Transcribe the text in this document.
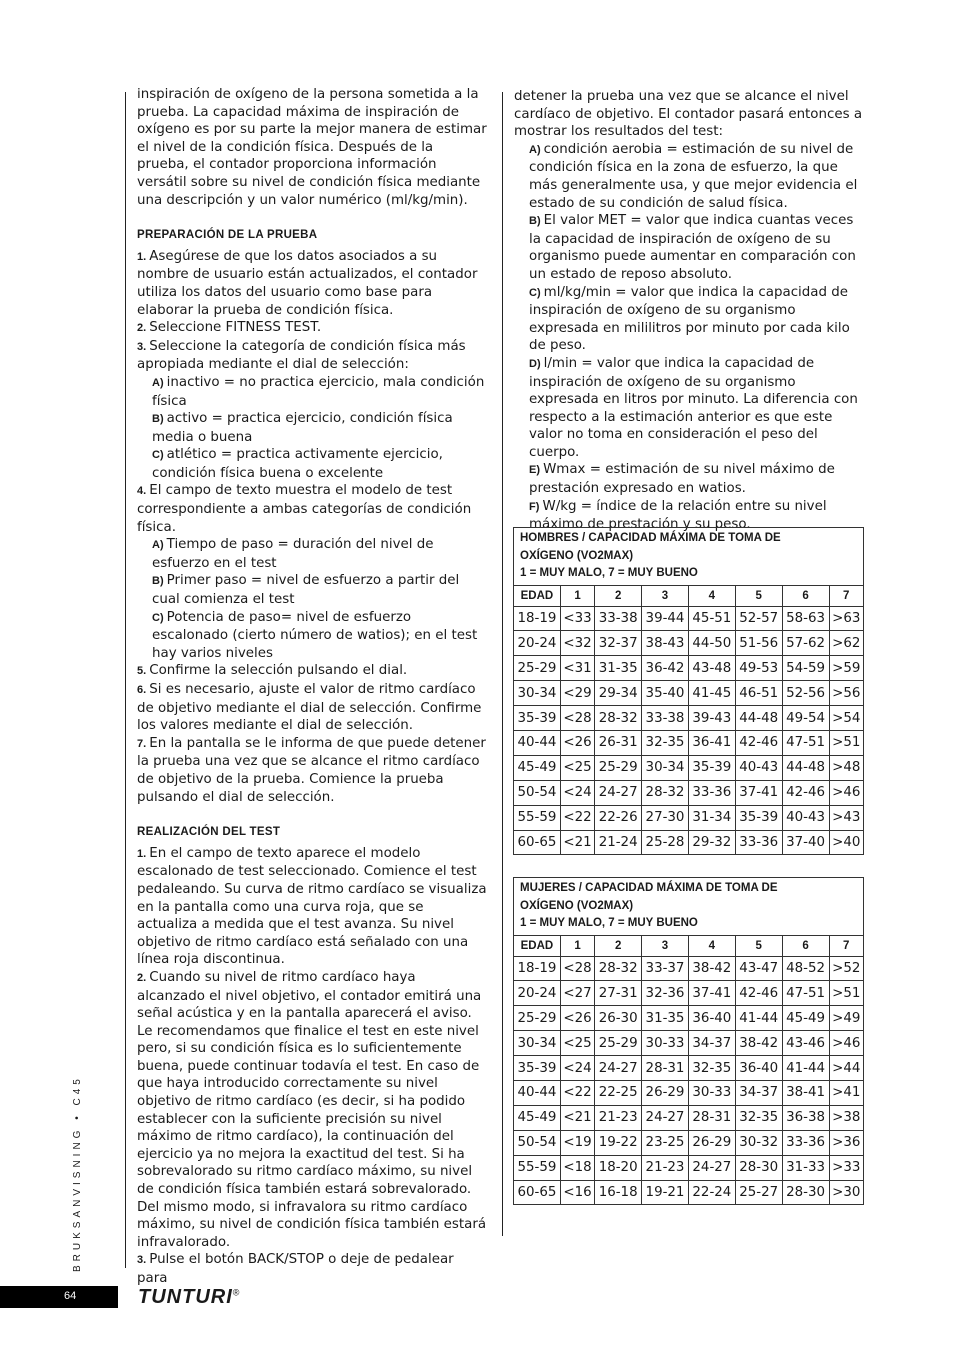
inspiración de oxígeno de la persona sometida a la prueba. La capacidad máxima de inspiración de oxígeno es por su parte la mejor manera de estimar el nivel de la condición física. Después de la prueba, el contador proporciona información versátil sobre su nivel de condición física mediante una descripción y un valor numérico (ml/kg/min).

PREPARACIÓN DE LA PRUEBA

1. Asegúrese de que los datos asociados a su nombre de usuario están actualizados, el contador utiliza los datos del usuario como base para elaborar la prueba de condición física.

2. Seleccione FITNESS TEST.

3. Seleccione la categoría de condición física más apropiada mediante el dial de selección:

A) inactivo = no practica ejercicio, mala condición física

B) activo = practica ejercicio, condición física media o buena

C) atlético = practica activamente ejercicio, condición física buena o excelente

4. El campo de texto muestra el modelo de test correspondiente a ambas categorías de condición física.

A) Tiempo de paso = duración del nivel de esfuerzo en el test

B) Primer paso = nivel de esfuerzo a partir del cual comienza el test

C) Potencia de paso= nivel de esfuerzo escalonado (cierto número de watios); en el test hay varios niveles

5. Confirme la selección pulsando el dial.

6. Si es necesario, ajuste el valor de ritmo cardíaco de objetivo mediante el dial de selección. Confirme los valores mediante el dial de selección.

7. En la pantalla se le informa de que puede detener la prueba una vez que se alcance el ritmo cardíaco de objetivo de la prueba. Comience la prueba pulsando el dial de selección.

REALIZACIÓN DEL TEST

1. En el campo de texto aparece el modelo escalonado de test seleccionado. Comience el test pedaleando. Su curva de ritmo cardíaco se visualiza en la pantalla como una curva roja, que se actualiza a medida que el test avanza. Su nivel objetivo de ritmo cardíaco está señalado con una línea roja discontinua.

2. Cuando su nivel de ritmo cardíaco haya alcanzado el nivel objetivo, el contador emitirá una señal acústica y en la pantalla aparecerá el aviso. Le recomendamos que finalice el test en este nivel pero, si su condición física es lo suficientemente buena, puede continuar todavía el test. En caso de que haya introducido correctamente su nivel objetivo de ritmo cardíaco (es decir, si ha podido establecer con la suficiente precisión su nivel máximo de ritmo cardíaco), la continuación del ejercicio ya no mejora la exactitud del test. Si ha sobrevalorado su ritmo cardíaco máximo, su nivel de condición física también estará sobrevalorado. Del mismo modo, si infravalora su ritmo cardíaco máximo, su nivel de condición física también estará infravalorado.

3. Pulse el botón BACK/STOP o deje de pedalear para

detener la prueba una vez que se alcance el nivel cardíaco de objetivo. El contador pasará entonces a mostrar los resultados del test:

A) condición aerobia = estimación de su nivel de condición física en la zona de esfuerzo, la que más generalmente usa, y que mejor evidencia el estado de su condición de salud física.

B) El valor MET = valor que indica cuantas veces la capacidad de inspiración de oxígeno de su organismo puede aumentar en comparación con un estado de reposo absoluto.

C) ml/kg/min = valor que indica la capacidad de inspiración de oxígeno de su organismo expresada en mililitros por minuto por cada kilo de peso.

D) l/min = valor que indica la capacidad de inspiración de oxígeno de su organismo expresada en litros por minuto. La diferencia con respecto a la estimación anterior es que este valor no toma en consideración el peso del cuerpo.

E) Wmax = estimación de su nivel máximo de prestación expresado en watios.

F) W/kg = índice de la relación entre su nivel máximo de prestación y su peso.

HOMBRES / CAPACIDAD MÁXIMA DE TOMA DE
OXÍGENO (VO2MAX)
1 = MUY MALO, 7 = MUY BUENO							

EDAD	1	2	3	4	5	6	7
18-19	<33	33-38	39-44	45-51	52-57	58-63	>63
20-24	<32	32-37	38-43	44-50	51-56	57-62	>62
25-29	<31	31-35	36-42	43-48	49-53	54-59	>59
30-34	<29	29-34	35-40	41-45	46-51	52-56	>56
35-39	<28	28-32	33-38	39-43	44-48	49-54	>54
40-44	<26	26-31	32-35	36-41	42-46	47-51	>51
45-49	<25	25-29	30-34	35-39	40-43	44-48	>48
50-54	<24	24-27	28-32	33-36	37-41	42-46	>46
55-59	<22	22-26	27-30	31-34	35-39	40-43	>43
60-65	<21	21-24	25-28	29-32	33-36	37-40	>40
MUJERES / CAPACIDAD MÁXIMA DE TOMA DE
OXÍGENO (VO2MAX)
1 = MUY MALO, 7 = MUY BUENO							

EDAD	1	2	3	4	5	6	7
18-19	<28	28-32	33-37	38-42	43-47	48-52	>52
20-24	<27	27-31	32-36	37-41	42-46	47-51	>51
25-29	<26	26-30	31-35	36-40	41-44	45-49	>49
30-34	<25	25-29	30-33	34-37	38-42	43-46	>46
35-39	<24	24-27	28-31	32-35	36-40	41-44	>44
40-44	<22	22-25	26-29	30-33	34-37	38-41	>41
45-49	<21	21-23	24-27	28-31	32-35	36-38	>38
50-54	<19	19-22	23-25	26-29	30-32	33-36	>36
55-59	<18	18-20	21-23	24-27	28-30	31-33	>33
60-65	<16	16-18	19-21	22-24	25-27	28-30	>30
BRUKSANVISNING • C45
64	TUNTURI®
